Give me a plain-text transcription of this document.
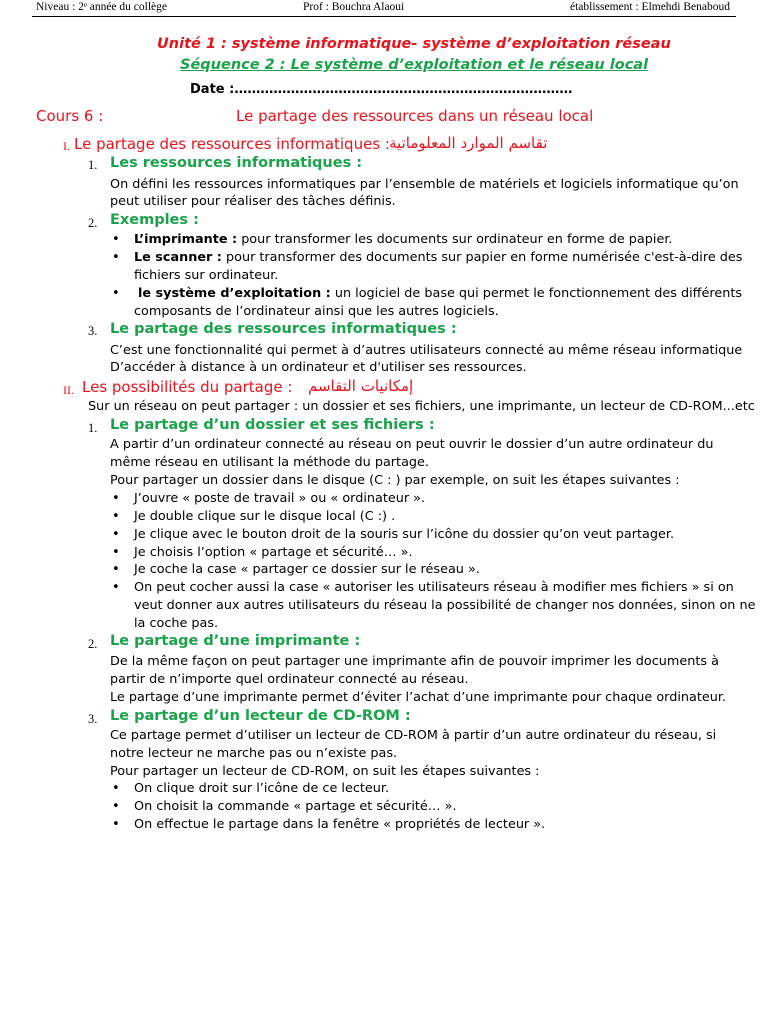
Niveau : 2ᵉ année du collège	Prof : Bouchra Alaoui	établissement : Elmehdi Benaboud
Unité 1 : système informatique- système d’exploitation réseau
Séquence 2 : Le système d’exploitation et le réseau local
Date :……………………………………………………………………
Cours 6 :	Le partage des ressources dans un réseau local
I. Le partage des ressources informatiques : تقاسم الموارد المعلوماتية
1. Les ressources informatiques :
On défini les ressources informatiques par l’ensemble de matériels et logiciels informatique qu’on
peut utiliser pour réaliser des tâches définis.
2. Exemples :
• L’imprimante : pour transformer les documents sur ordinateur en forme de papier.
• Le scanner : pour transformer des documents sur papier en forme numérisée c'est-à-dire des
fichiers sur ordinateur.
• le système d’exploitation : un logiciel de base qui permet le fonctionnement des différents
composants de l’ordinateur ainsi que les autres logiciels.
3. Le partage des ressources informatiques :
C’est une fonctionnalité qui permet à d’autres utilisateurs connecté au même réseau informatique
D’accéder à distance à un ordinateur et d'utiliser ses ressources.
II. Les possibilités du partage : إمكانيات التقاسم
Sur un réseau on peut partager : un dossier et ses fichiers, une imprimante, un lecteur de CD-ROM...etc
1. Le partage d’un dossier et ses fichiers :
A partir d’un ordinateur connecté au réseau on peut ouvrir le dossier d’un autre ordinateur du
même réseau en utilisant la méthode du partage.
Pour partager un dossier dans le disque (C : ) par exemple, on suit les étapes suivantes :
• J’ouvre « poste de travail » ou « ordinateur ».
• Je double clique sur le disque local (C :) .
• Je clique avec le bouton droit de la souris sur l’icône du dossier qu’on veut partager.
• Je choisis l’option « partage et sécurité… ».
• Je coche la case « partager ce dossier sur le réseau ».
• On peut cocher aussi la case « autoriser les utilisateurs réseau à modifier mes fichiers » si on
veut donner aux autres utilisateurs du réseau la possibilité de changer nos données, sinon on ne
la coche pas.
2. Le partage d’une imprimante :
De la même façon on peut partager une imprimante afin de pouvoir imprimer les documents à
partir de n’importe quel ordinateur connecté au réseau.
Le partage d’une imprimante permet d’éviter l’achat d’une imprimante pour chaque ordinateur.
3. Le partage d’un lecteur de CD-ROM :
Ce partage permet d’utiliser un lecteur de CD-ROM à partir d’un autre ordinateur du réseau, si
notre lecteur ne marche pas ou n’existe pas.
Pour partager un lecteur de CD-ROM, on suit les étapes suivantes :
• On clique droit sur l’icône de ce lecteur.
• On choisit la commande « partage et sécurité… ».
• On effectue le partage dans la fenêtre « propriétés de lecteur ».
